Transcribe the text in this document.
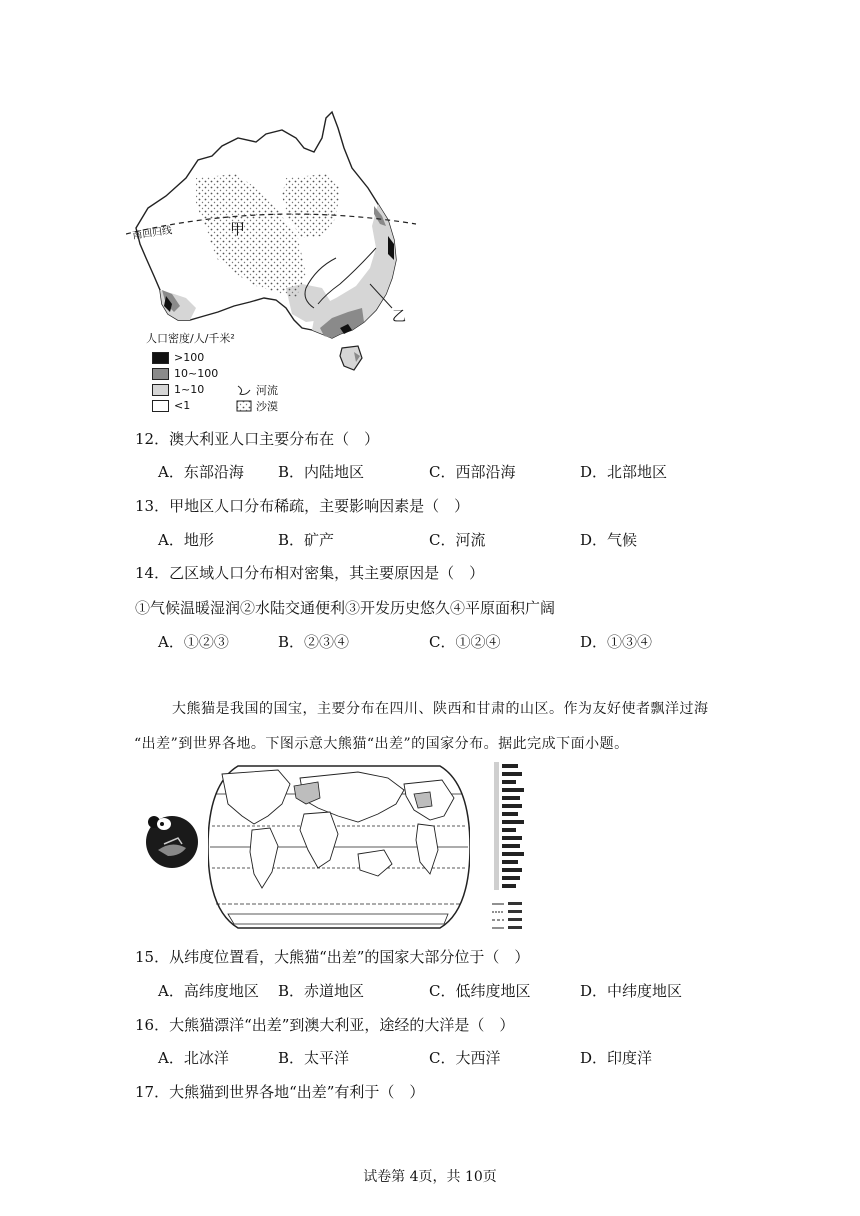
南回归线	甲
乙
人口密度/人/千米²
>100
10~100
1~10
<1
河流
沙漠
12．澳大利亚人口主要分布在（　）
A．东部沿海 B．内陆地区	C．西部沿海	D．北部地区
13．甲地区人口分布稀疏，主要影响因素是（　）
A．地形	B．矿产	C．河流	D．气候
14．乙区域人口分布相对密集，其主要原因是（　）
①气候温暖湿润②水陆交通便利③开发历史悠久④平原面积广阔
A．①②③	B．②③④	C．①②④	D．①③④
大熊猫是我国的国宝，主要分布在四川、陕西和甘肃的山区。作为友好使者飘洋过海
“出差”到世界各地。下图示意大熊猫“出差”的国家分布。据此完成下面小题。
15．从纬度位置看，大熊猫“出差”的国家大部分位于（　）
A．高纬度地区 B．赤道地区	C．低纬度地区	D．中纬度地区
16．大熊猫漂洋“出差”到澳大利亚，途经的大洋是（　）
A．北冰洋	B．太平洋	C．大西洋	D．印度洋
17．大熊猫到世界各地“出差”有利于（　）
试卷第 4页，共 10页
